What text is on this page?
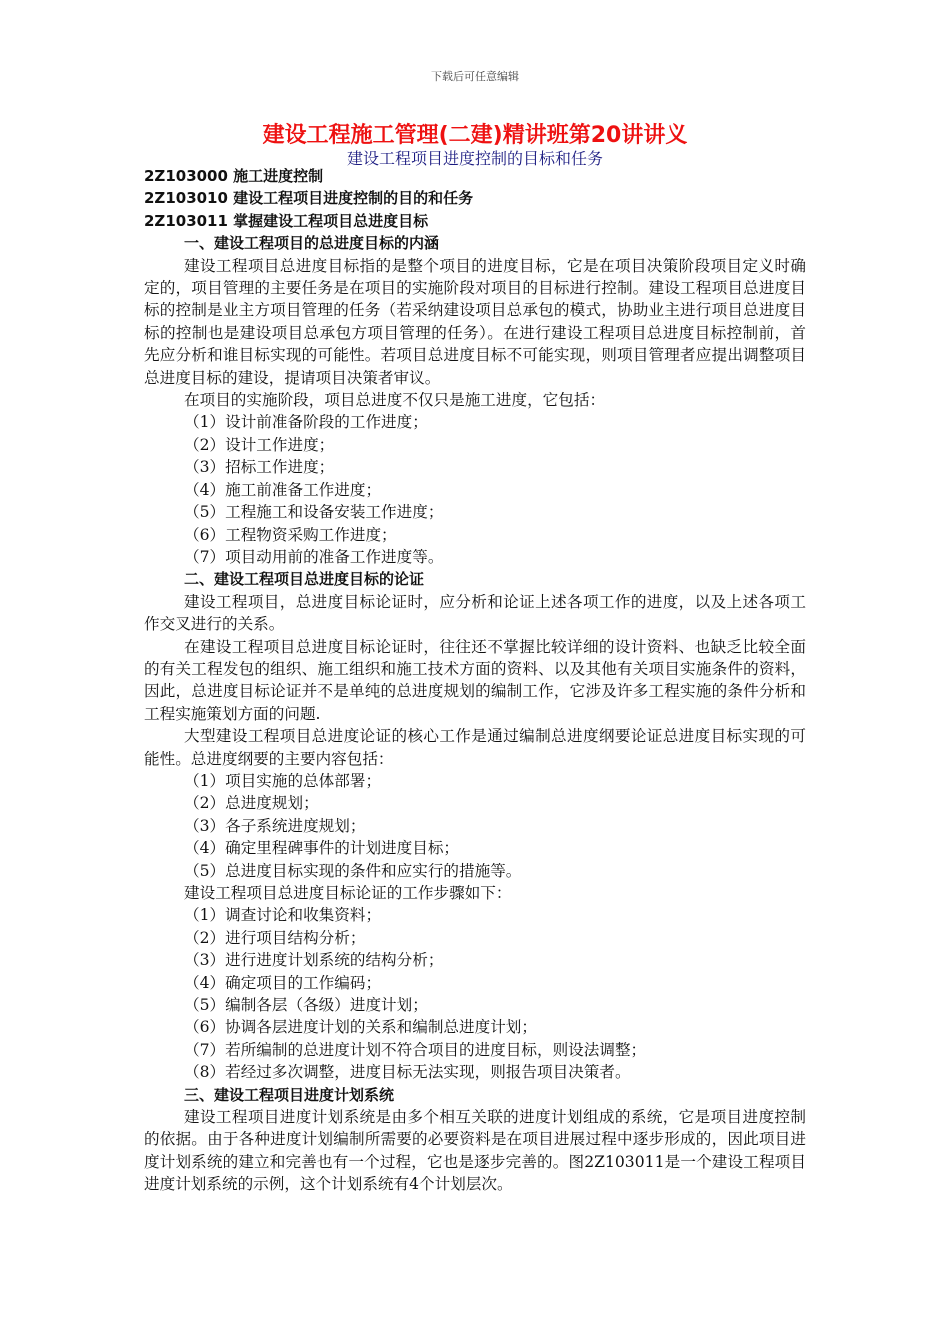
下载后可任意编辑
建设工程施工管理(二建)精讲班第20讲讲义
建设工程项目进度控制的目标和任务
2Z103000 施工进度控制
2Z103010 建设工程项目进度控制的目的和任务
2Z103011 掌握建设工程项目总进度目标
一、建设工程项目的总进度目标的内涵
建设工程项目总进度目标指的是整个项目的进度目标，它是在项目决策阶段项目定义时确定的，项目管理的主要任务是在项目的实施阶段对项目的目标进行控制。建设工程项目总进度目标的控制是业主方项目管理的任务（若采纳建设项目总承包的模式，协助业主进行项目总进度目标的控制也是建设项目总承包方项目管理的任务）。在进行建设工程项目总进度目标控制前，首先应分析和谁目标实现的可能性。若项目总进度目标不可能实现，则项目管理者应提出调整项目总进度目标的建设，提请项目决策者审议。
在项目的实施阶段，项目总进度不仅只是施工进度，它包括：
（1）设计前准备阶段的工作进度；
（2）设计工作进度；
（3）招标工作进度；
（4）施工前准备工作进度；
（5）工程施工和设备安装工作进度；
（6）工程物资采购工作进度；
（7）项目动用前的准备工作进度等。
二、建设工程项目总进度目标的论证
建设工程项目，总进度目标论证时，应分析和论证上述各项工作的进度，以及上述各项工作交叉进行的关系。
在建设工程项目总进度目标论证时，往往还不掌握比较详细的设计资料、也缺乏比较全面的有关工程发包的组织、施工组织和施工技术方面的资料、以及其他有关项目实施条件的资料，因此，总进度目标论证并不是单纯的总进度规划的编制工作，它涉及许多工程实施的条件分析和工程实施策划方面的问题.
大型建设工程项目总进度论证的核心工作是通过编制总进度纲要论证总进度目标实现的可能性。总进度纲要的主要内容包括：
（1）项目实施的总体部署；
（2）总进度规划；
（3）各子系统进度规划；
（4）确定里程碑事件的计划进度目标；
（5）总进度目标实现的条件和应实行的措施等。
建设工程项目总进度目标论证的工作步骤如下：
（1）调查讨论和收集资料；
（2）进行项目结构分析；
（3）进行进度计划系统的结构分析；
（4）确定项目的工作编码；
（5）编制各层（各级）进度计划；
（6）协调各层进度计划的关系和编制总进度计划；
（7）若所编制的总进度计划不符合项目的进度目标，则设法调整；
（8）若经过多次调整，进度目标无法实现，则报告项目决策者。
三、建设工程项目进度计划系统
建设工程项目进度计划系统是由多个相互关联的进度计划组成的系统，它是项目进度控制的依据。由于各种进度计划编制所需要的必要资料是在项目进展过程中逐步形成的，因此项目进度计划系统的建立和完善也有一个过程，它也是逐步完善的。图2Z103011是一个建设工程项目进度计划系统的示例，这个计划系统有4个计划层次。
